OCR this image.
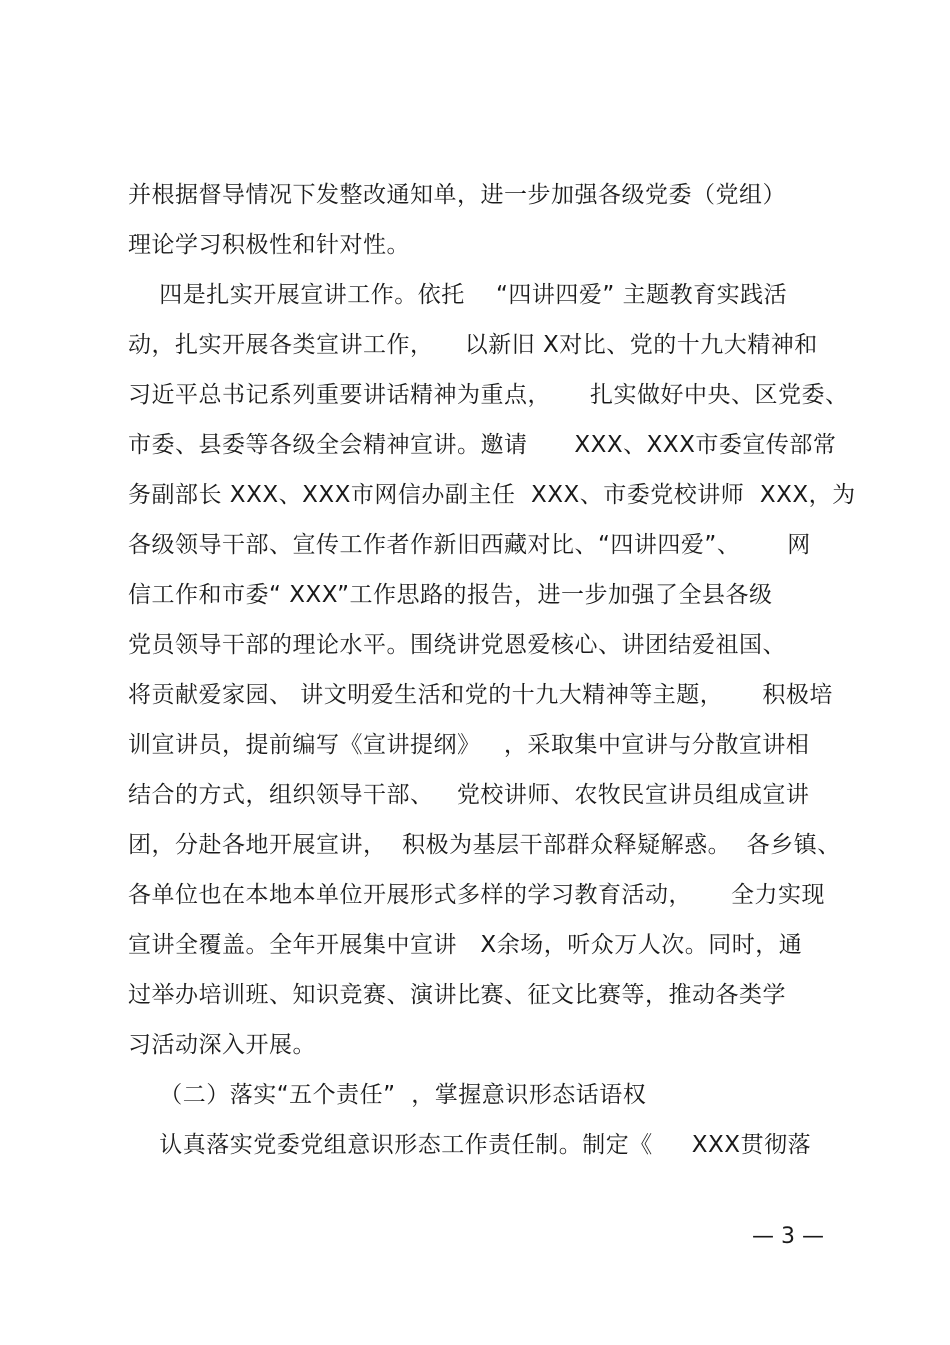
并根据督导情况下发整改通知单，进一步加强各级党委（党组）
理论学习积极性和针对性。
四是扎实开展宣讲工作。依托    “四讲四爱” 主题教育实践活
动，扎实开展各类宣讲工作，    以新旧 X对比、党的十九大精神和
习近平总书记系列重要讲话精神为重点，     扎实做好中央、区党委、
市委、县委等各级全会精神宣讲。邀请      XXX、XXX市委宣传部常
务副部长 XXX、XXX市网信办副主任  XXX、市委党校讲师  XXX，为
各级领导干部、宣传工作者作新旧西藏对比、“四讲四爱”、      网
信工作和市委“ XXX”工作思路的报告，进一步加强了全县各级
党员领导干部的理论水平。围绕讲党恩爱核心、讲团结爱祖国、
将贡献爱家园、 讲文明爱生活和党的十九大精神等主题，     积极培
训宣讲员，提前编写《宣讲提纲》   ，采取集中宣讲与分散宣讲相
结合的方式，组织领导干部、   党校讲师、农牧民宣讲员组成宣讲
团，分赴各地开展宣讲，  积极为基层干部群众释疑解惑。  各乡镇、
各单位也在本地本单位开展形式多样的学习教育活动，     全力实现
宣讲全覆盖。全年开展集中宣讲   X余场，听众万人次。同时，通
过举办培训班、知识竞赛、演讲比赛、征文比赛等，推动各类学
习活动深入开展。
（二）落实“五个责任”  ，掌握意识形态话语权
认真落实党委党组意识形态工作责任制。制定《     XXX贯彻落
— 3 —
